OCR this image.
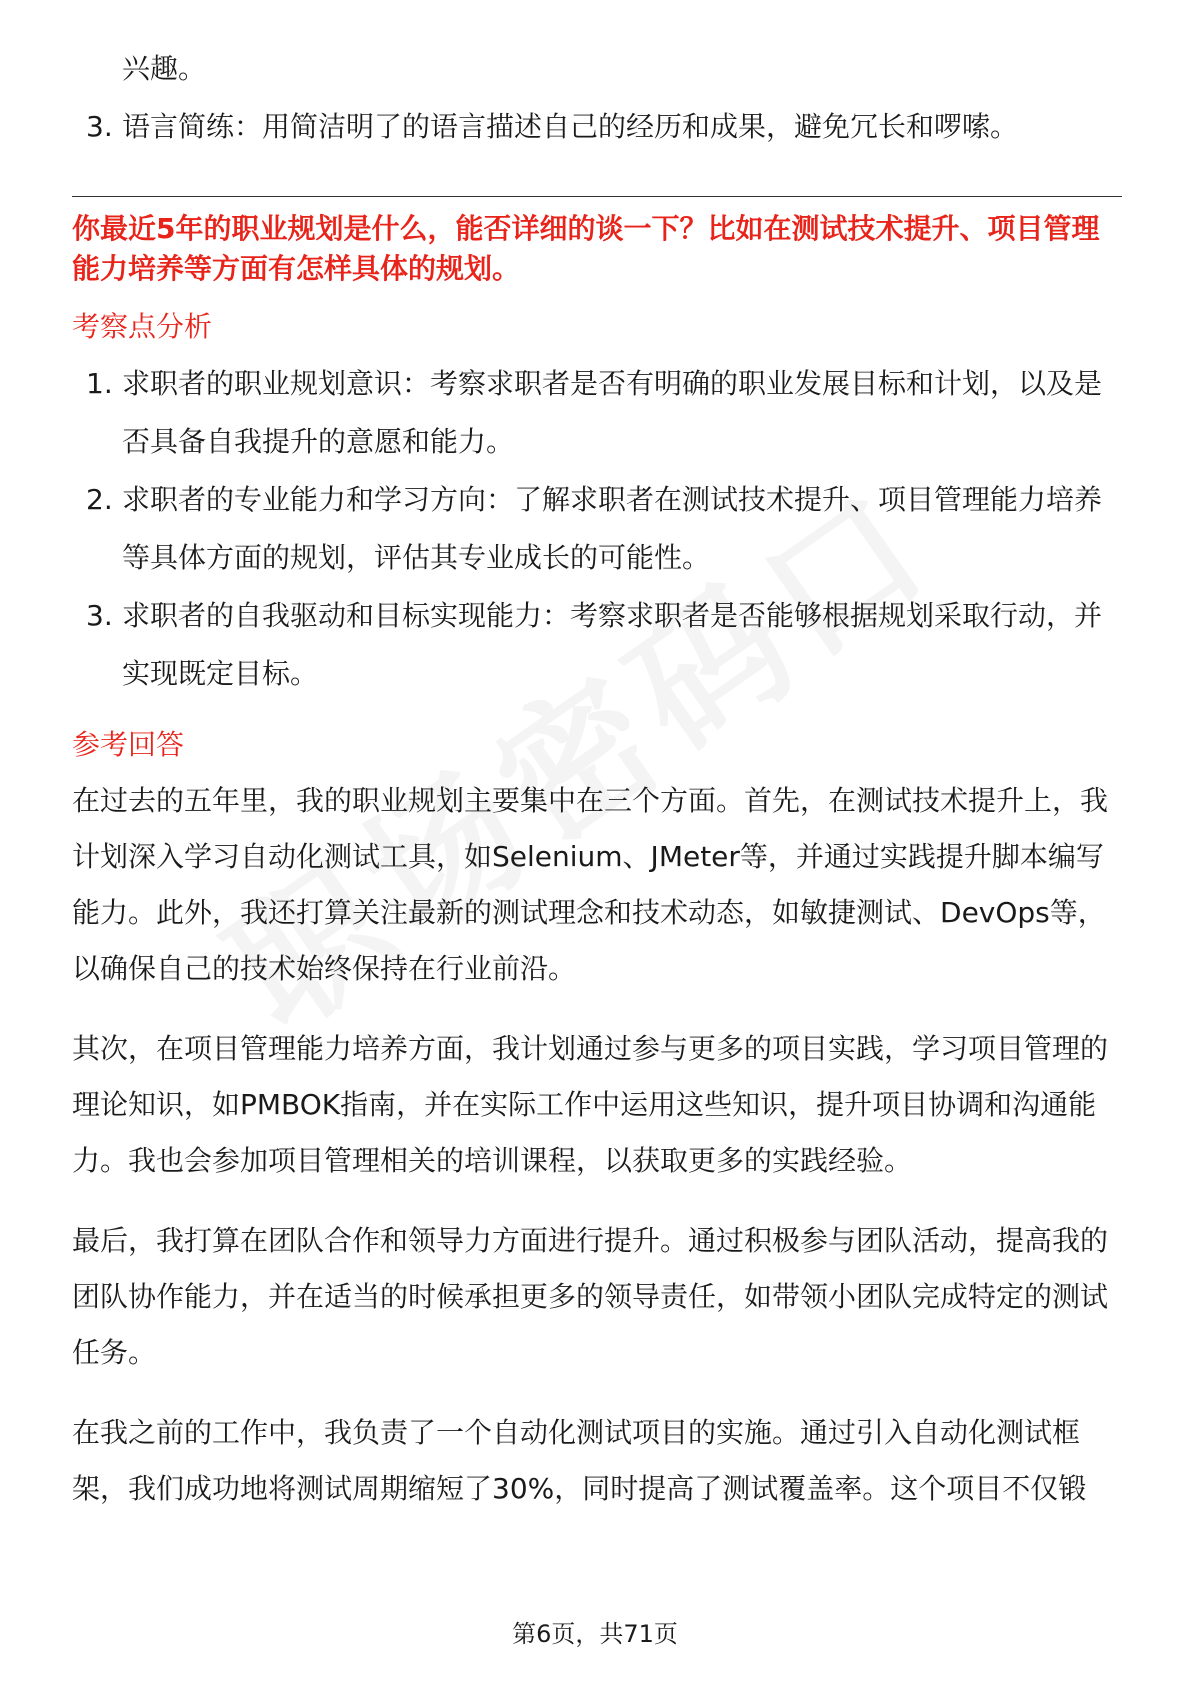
兴趣。
3. 语言简练：用简洁明了的语言描述自己的经历和成果，避免冗长和啰嗦。
你最近5年的职业规划是什么，能否详细的谈一下？比如在测试技术提升、项目管理能力培养等方面有怎样具体的规划。
考察点分析
1. 求职者的职业规划意识：考察求职者是否有明确的职业发展目标和计划，以及是否具备自我提升的意愿和能力。
2. 求职者的专业能力和学习方向：了解求职者在测试技术提升、项目管理能力培养等具体方面的规划，评估其专业成长的可能性。
3. 求职者的自我驱动和目标实现能力：考察求职者是否能够根据规划采取行动，并实现既定目标。
参考回答

在过去的五年里，我的职业规划主要集中在三个方面。首先，在测试技术提升上，我计划深入学习自动化测试工具，如Selenium、JMeter等，并通过实践提升脚本编写能力。此外，我还打算关注最新的测试理念和技术动态，如敏捷测试、DevOps等，以确保自己的技术始终保持在行业前沿。

其次，在项目管理能力培养方面，我计划通过参与更多的项目实践，学习项目管理的理论知识，如PMBOK指南，并在实际工作中运用这些知识，提升项目协调和沟通能力。我也会参加项目管理相关的培训课程，以获取更多的实践经验。

最后，我打算在团队合作和领导力方面进行提升。通过积极参与团队活动，提高我的团队协作能力，并在适当的时候承担更多的领导责任，如带领小团队完成特定的测试任务。

在我之前的工作中，我负责了一个自动化测试项目的实施。通过引入自动化测试框架，我们成功地将测试周期缩短了30%，同时提高了测试覆盖率。这个项目不仅锻

第6页，共71页
